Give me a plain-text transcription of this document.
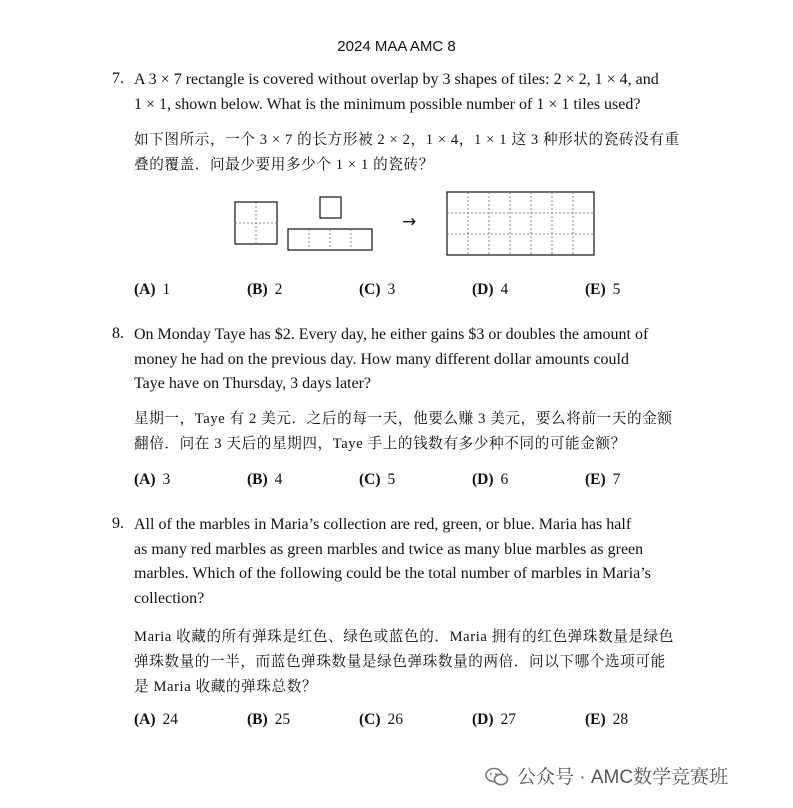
2024 MAA AMC 8
7. A 3 × 7 rectangle is covered without overlap by 3 shapes of tiles: 2 × 2, 1 × 4, and
1 × 1, shown below. What is the minimum possible number of 1 × 1 tiles used?
如下图所示，一个 3 × 7 的长方形被 2 × 2，1 × 4，1 × 1 这 3 种形状的瓷砖没有重
叠的覆盖．问最少要用多少个 1 × 1 的瓷砖？
(A) 1	(B) 2	(C) 3	(D) 4	(E) 5
→
8. On Monday Taye has $2. Every day, he either gains $3 or doubles the amount of
money he had on the previous day. How many different dollar amounts could
Taye have on Thursday, 3 days later?
星期一，Taye 有 2 美元．之后的每一天，他要么赚 3 美元，要么将前一天的金额
翻倍．问在 3 天后的星期四，Taye 手上的钱数有多少种不同的可能金额？
(A) 3	(B) 4	(C) 5	(D) 6	(E) 7
9. All of the marbles in Maria’s collection are red, green, or blue. Maria has half
as many red marbles as green marbles and twice as many blue marbles as green
marbles. Which of the following could be the total number of marbles in Maria’s
collection?
Maria 收藏的所有弹珠是红色、绿色或蓝色的．Maria 拥有的红色弹珠数量是绿色
弹珠数量的一半，而蓝色弹珠数量是绿色弹珠数量的两倍．问以下哪个选项可能
是 Maria 收藏的弹珠总数？
(A) 24	(B) 25	(C) 26	(D) 27	(E) 28
公众号 · AMC数学竞赛班
